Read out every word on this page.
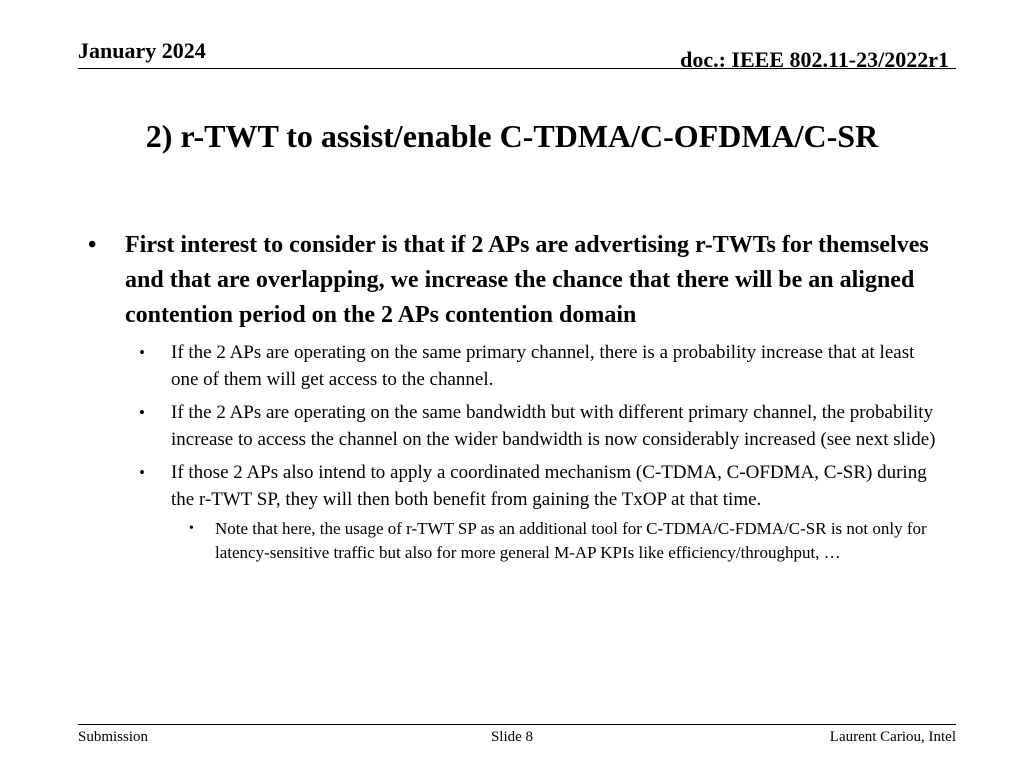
January 2024	doc.: IEEE 802.11-23/2022r1
2) r-TWT to assist/enable C-TDMA/C-OFDMA/C-SR
• First interest to consider is that if 2 APs are advertising r-TWTs for themselves and that are overlapping, we increase the chance that there will be an aligned contention period on the 2 APs contention domain
• If the 2 APs are operating on the same primary channel, there is a probability increase that at least one of them will get access to the channel.
• If the 2 APs are operating on the same bandwidth but with different primary channel, the probability increase to access the channel on the wider bandwidth is now considerably increased (see next slide)
• If those 2 APs also intend to apply a coordinated mechanism (C-TDMA, C-OFDMA, C-SR) during the r-TWT SP, they will then both benefit from gaining the TxOP at that time.
• Note that here, the usage of r-TWT SP as an additional tool for C-TDMA/C-FDMA/C-SR is not only for latency-sensitive traffic but also for more general M-AP KPIs like efficiency/throughput, …
Submission	Slide 8	Laurent Cariou, Intel
